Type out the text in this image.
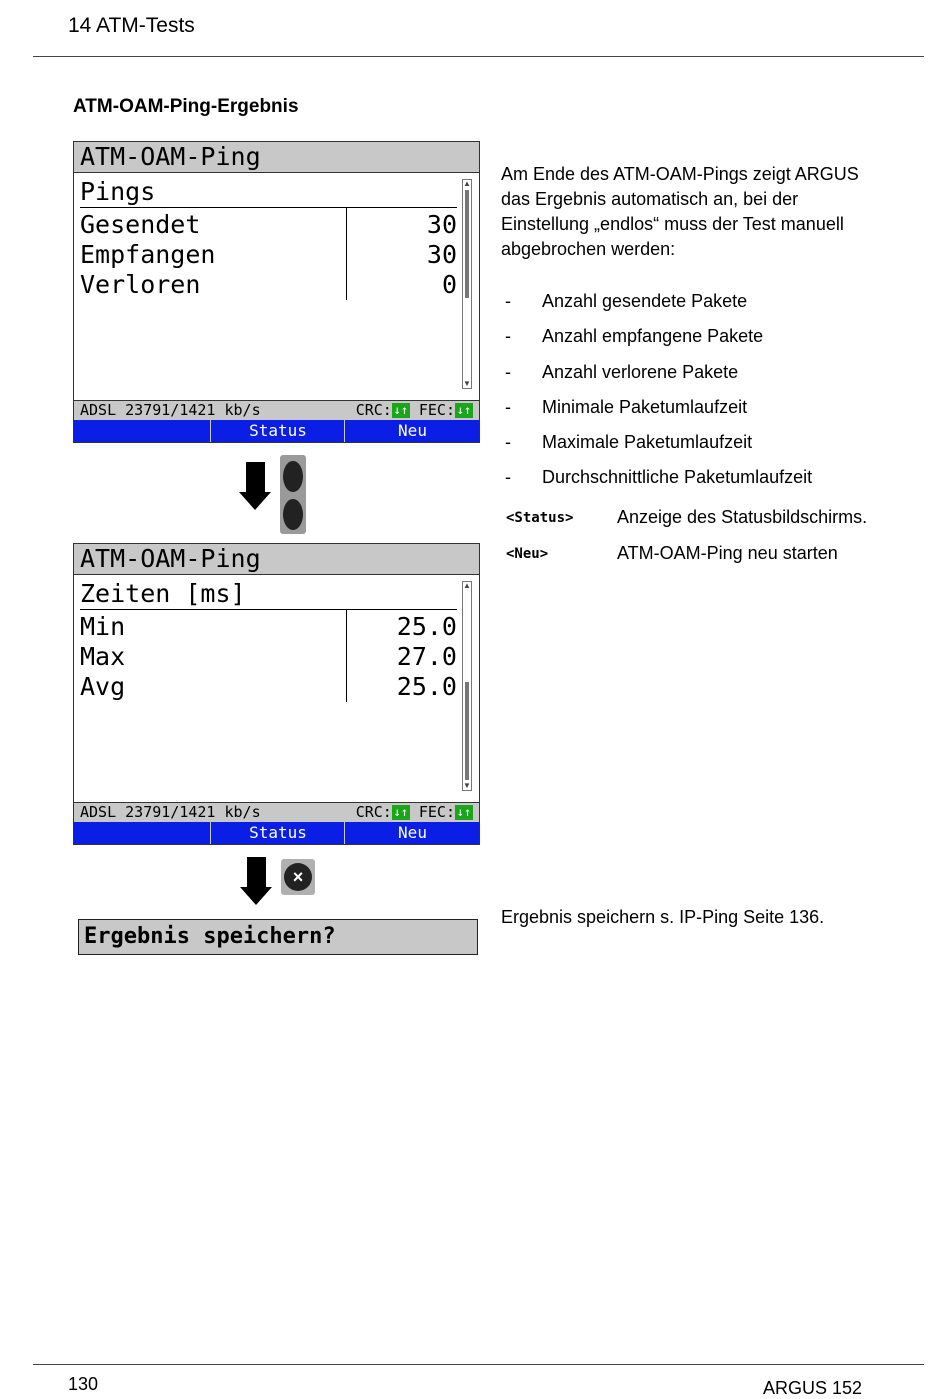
14 ATM-Tests
ATM-OAM-Ping-Ergebnis
ATM-OAM-Ping
Pings
Gesendet	30
Empfangen	30
Verloren	0
▲
▼
ADSL 23791/1421 kb/s	CRC: ↓↑ FEC: ↓↑
Status	Neu
ATM-OAM-Ping
Zeiten [ms]
Min	25.0
Max	27.0
Avg	25.0
▲
▼
ADSL 23791/1421 kb/s	CRC: ↓↑ FEC: ↓↑
Status	Neu
×
Ergebnis speichern?
Am Ende des ATM-OAM-Pings zeigt ARGUS das Ergebnis automatisch an, bei der Einstellung „endlos“ muss der Test manuell abgebrochen werden:
- Anzahl gesendete Pakete
- Anzahl empfangene Pakete
- Anzahl verlorene Pakete
- Minimale Paketumlaufzeit
- Maximale Paketumlaufzeit
- Durchschnittliche Paketumlaufzeit
<Status> Anzeige des Statusbildschirms.
<Neu>	ATM-OAM-Ping neu starten
Ergebnis speichern s. IP-Ping Seite 136.
130	ARGUS 152
